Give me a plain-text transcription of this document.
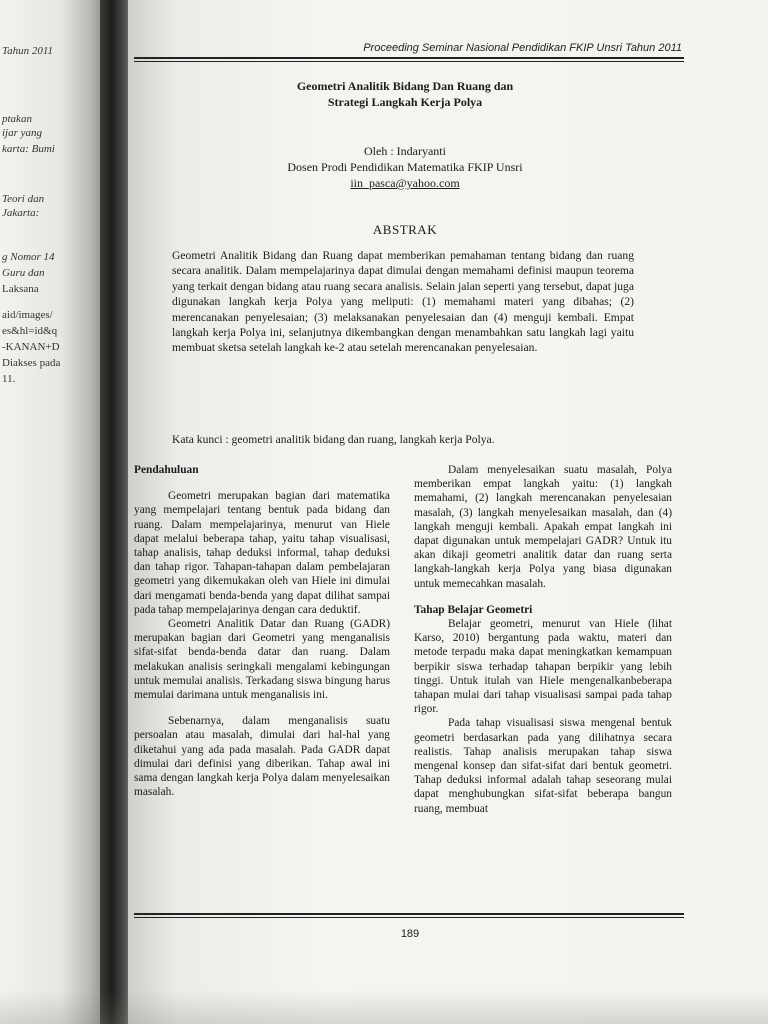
Tahun 2011
ptakan
ijar yang
karta: Bumi
Teori dan
Jakarta:
g Nomor 14
Guru dan
Laksana
aid/images/
es&hl=id&q
-KANAN+D
Diakses pada
11.
Proceeding Seminar Nasional Pendidikan FKIP Unsri Tahun 2011
Geometri Analitik Bidang Dan Ruang dan
Strategi Langkah Kerja Polya
Oleh : Indaryanti
Dosen Prodi Pendidikan Matematika FKIP Unsri
iin_pasca@yahoo.com
ABSTRAK
Geometri Analitik Bidang dan Ruang dapat memberikan pemahaman tentang bidang dan ruang secara analitik. Dalam mempelajarinya dapat dimulai dengan memahami definisi maupun teorema yang terkait dengan bidang atau ruang secara analisis. Selain jalan seperti yang tersebut, dapat juga digunakan langkah kerja Polya yang meliputi: (1) memahami materi yang dibahas; (2) merencanakan penyelesaian; (3) melaksanakan penyelesaian dan (4) menguji kembali. Empat langkah kerja Polya ini, selanjutnya dikembangkan dengan menambahkan satu langkah lagi yaitu membuat sketsa setelah langkah ke-2 atau setelah merencanakan penyelesaian.
Kata kunci : geometri analitik bidang dan ruang, langkah kerja Polya.

Pendahuluan

Geometri merupakan bagian dari matematika yang mempelajari tentang bentuk pada bidang dan ruang. Dalam mempelajarinya, menurut van Hiele dapat melalui beberapa tahap, yaitu tahap visualisasi, tahap analisis, tahap deduksi informal, tahap deduksi dan tahap rigor. Tahapan-tahapan dalam pembelajaran geometri yang dikemukakan oleh van Hiele ini dimulai dari mengamati benda-benda yang dapat dilihat sampai pada tahap mempelajarinya dengan cara deduktif.

Geometri Analitik Datar dan Ruang (GADR) merupakan bagian dari Geometri yang menganalisis sifat-sifat benda-benda datar dan ruang. Dalam melakukan analisis seringkali mengalami kebingungan untuk memulai analisis. Terkadang siswa bingung harus memulai darimana untuk menganalisis ini.

Sebenarnya, dalam menganalisis suatu persoalan atau masalah, dimulai dari hal-hal yang diketahui yang ada pada masalah. Pada GADR dapat dimulai dari definisi yang diberikan. Tahap awal ini sama dengan langkah kerja Polya dalam menyelesaikan masalah.

Dalam menyelesaikan suatu masalah, Polya memberikan empat langkah yaitu: (1) langkah memahami, (2) langkah merencanakan penyelesaian masalah, (3) langkah menyelesaikan masalah, dan (4) langkah menguji kembali. Apakah empat langkah ini dapat digunakan untuk mempelajari GADR? Untuk itu akan dikaji geometri analitik datar dan ruang serta langkah-langkah kerja Polya yang biasa digunakan untuk memecahkan masalah.

Tahap Belajar Geometri

Belajar geometri, menurut van Hiele (lihat Karso, 2010) bergantung pada waktu, materi dan metode terpadu maka dapat meningkatkan kemampuan berpikir siswa terhadap tahapan berpikir yang lebih tinggi. Untuk itulah van Hiele mengenalkanbeberapa tahapan mulai dari tahap visualisasi sampai pada tahap rigor.

Pada tahap visualisasi siswa mengenal bentuk geometri berdasarkan pada yang dilihatnya secara realistis. Tahap analisis merupakan tahap siswa mengenal konsep dan sifat-sifat dari bentuk geometri. Tahap deduksi informal adalah tahap seseorang mulai dapat menghubungkan sifat-sifat beberapa bangun ruang, membuat

189
